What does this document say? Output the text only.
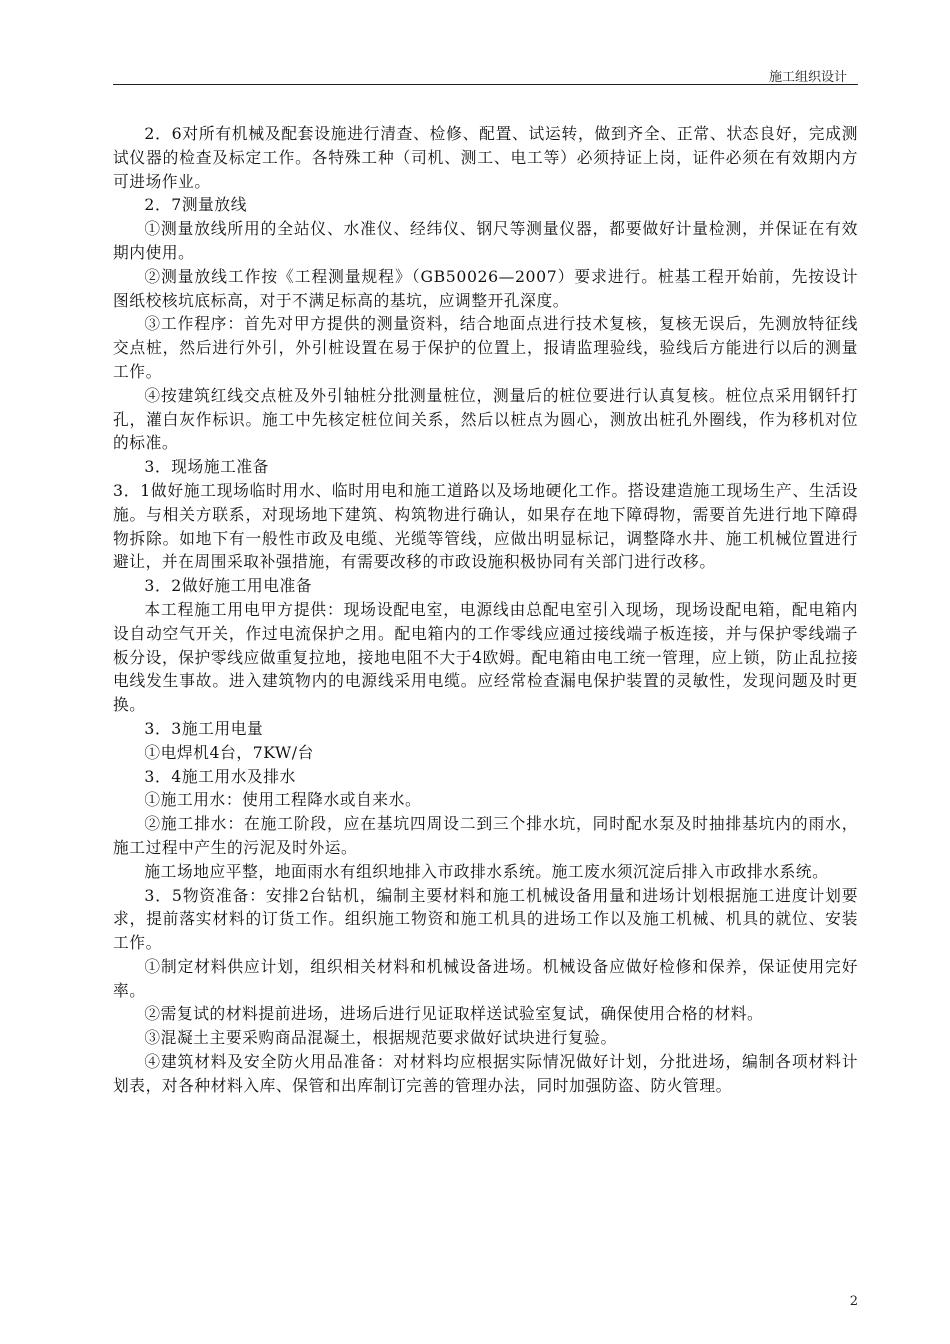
施工组织设计

2．6对所有机械及配套设施进行清查、检修、配置、试运转，做到齐全、正常、状态良好，完成测试仪器的检查及标定工作。各特殊工种（司机、测工、电工等）必须持证上岗，证件必须在有效期内方可进场作业。

2．7测量放线

①测量放线所用的全站仪、水准仪、经纬仪、钢尺等测量仪器，都要做好计量检测，并保证在有效期内使用。

②测量放线工作按《工程测量规程》（GB50026—2007）要求进行。桩基工程开始前，先按设计图纸校核坑底标高，对于不满足标高的基坑，应调整开孔深度。

③工作程序：首先对甲方提供的测量资料，结合地面点进行技术复核，复核无误后，先测放特征线交点桩，然后进行外引，外引桩设置在易于保护的位置上，报请监理验线，验线后方能进行以后的测量工作。

④按建筑红线交点桩及外引轴桩分批测量桩位，测量后的桩位要进行认真复核。桩位点采用钢钎打孔，灌白灰作标识。施工中先核定桩位间关系，然后以桩点为圆心，测放出桩孔外圈线，作为移机对位的标准。

3．现场施工准备

3．1做好施工现场临时用水、临时用电和施工道路以及场地硬化工作。搭设建造施工现场生产、生活设施。与相关方联系，对现场地下建筑、构筑物进行确认，如果存在地下障碍物，需要首先进行地下障碍物拆除。如地下有一般性市政及电缆、光缆等管线，应做出明显标记，调整降水井、施工机械位置进行避让，并在周围采取补强措施，有需要改移的市政设施积极协同有关部门进行改移。

3．2做好施工用电准备

本工程施工用电甲方提供：现场设配电室，电源线由总配电室引入现场，现场设配电箱，配电箱内设自动空气开关，作过电流保护之用。配电箱内的工作零线应通过接线端子板连接，并与保护零线端子板分设，保护零线应做重复拉地，接地电阻不大于4欧姆。配电箱由电工统一管理，应上锁，防止乱拉接电线发生事故。进入建筑物内的电源线采用电缆。应经常检查漏电保护装置的灵敏性，发现问题及时更换。

3．3施工用电量

①电焊机4台，7KW/台

3．4施工用水及排水

①施工用水：使用工程降水或自来水。

②施工排水：在施工阶段，应在基坑四周设二到三个排水坑，同时配水泵及时抽排基坑内的雨水，施工过程中产生的污泥及时外运。

施工场地应平整，地面雨水有组织地排入市政排水系统。施工废水须沉淀后排入市政排水系统。

3．5物资准备：安排2台钻机，编制主要材料和施工机械设备用量和进场计划根据施工进度计划要求，提前落实材料的订货工作。组织施工物资和施工机具的进场工作以及施工机械、机具的就位、安装工作。

①制定材料供应计划，组织相关材料和机械设备进场。机械设备应做好检修和保养，保证使用完好率。

②需复试的材料提前进场，进场后进行见证取样送试验室复试，确保使用合格的材料。

③混凝土主要采购商品混凝土，根据规范要求做好试块进行复验。

④建筑材料及安全防火用品准备：对材料均应根据实际情况做好计划，分批进场，编制各项材料计划表，对各种材料入库、保管和出库制订完善的管理办法，同时加强防盗、防火管理。

2
